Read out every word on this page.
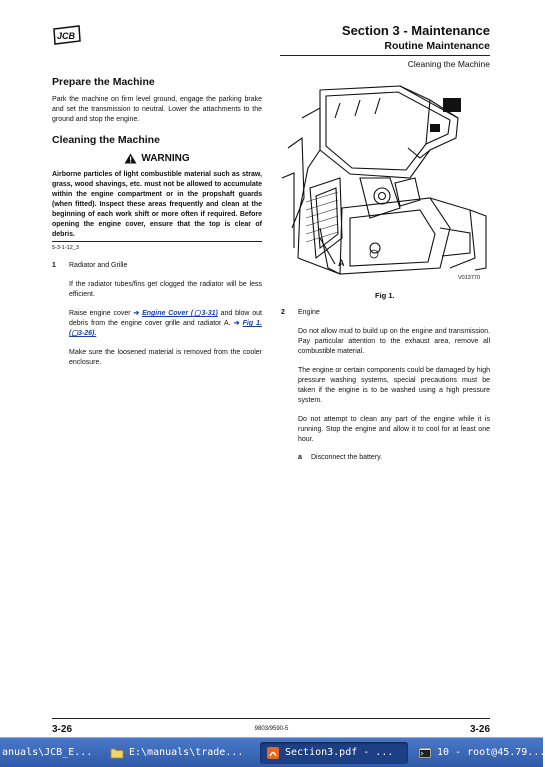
JCB	Section 3 - Maintenance
Routine Maintenance
Cleaning the Machine
Prepare the Machine

Park the machine on firm level ground, engage the parking brake and set the transmission to neutral. Lower the attachments to the ground and stop the engine.

Cleaning the Machine
WARNING
Airborne particles of light combustible material such as straw, grass, wood shavings, etc. must not be allowed to accumulate within the engine compartment or in the propshaft guards (when fitted). Inspect these areas frequently and clean at the beginning of each work shift or more often if required. Before opening the engine cover, ensure that the top is clear of debris.
5-3-1-12_3
1	Radiator and Grille

If the radiator tubes/fins get clogged the radiator will be less efficient.

Raise engine cover ➔ Engine Cover (▢3-31) and blow out debris from the engine cover grille and radiator A. ➔ Fig 1. (▢3-26).

Make sure the loosened material is removed from the cooler enclosure.

A
V013770
Fig 1.
2	Engine

Do not allow mud to build up on the engine and transmission. Pay particular attention to the exhaust area, remove all combustible material.

The engine or certain components could be damaged by high pressure washing systems, special precautions must be taken if the engine is to be washed using a high pressure system.

Do not attempt to clean any part of the engine while it is running. Stop the engine and allow it to cool for at least one hour.

a	Disconnect the battery.
3-26	9803/9590-5	3-26
anuals\JCB_E...	E:\manuals\trade...	Section3.pdf - ...	10 - root@45.79...
